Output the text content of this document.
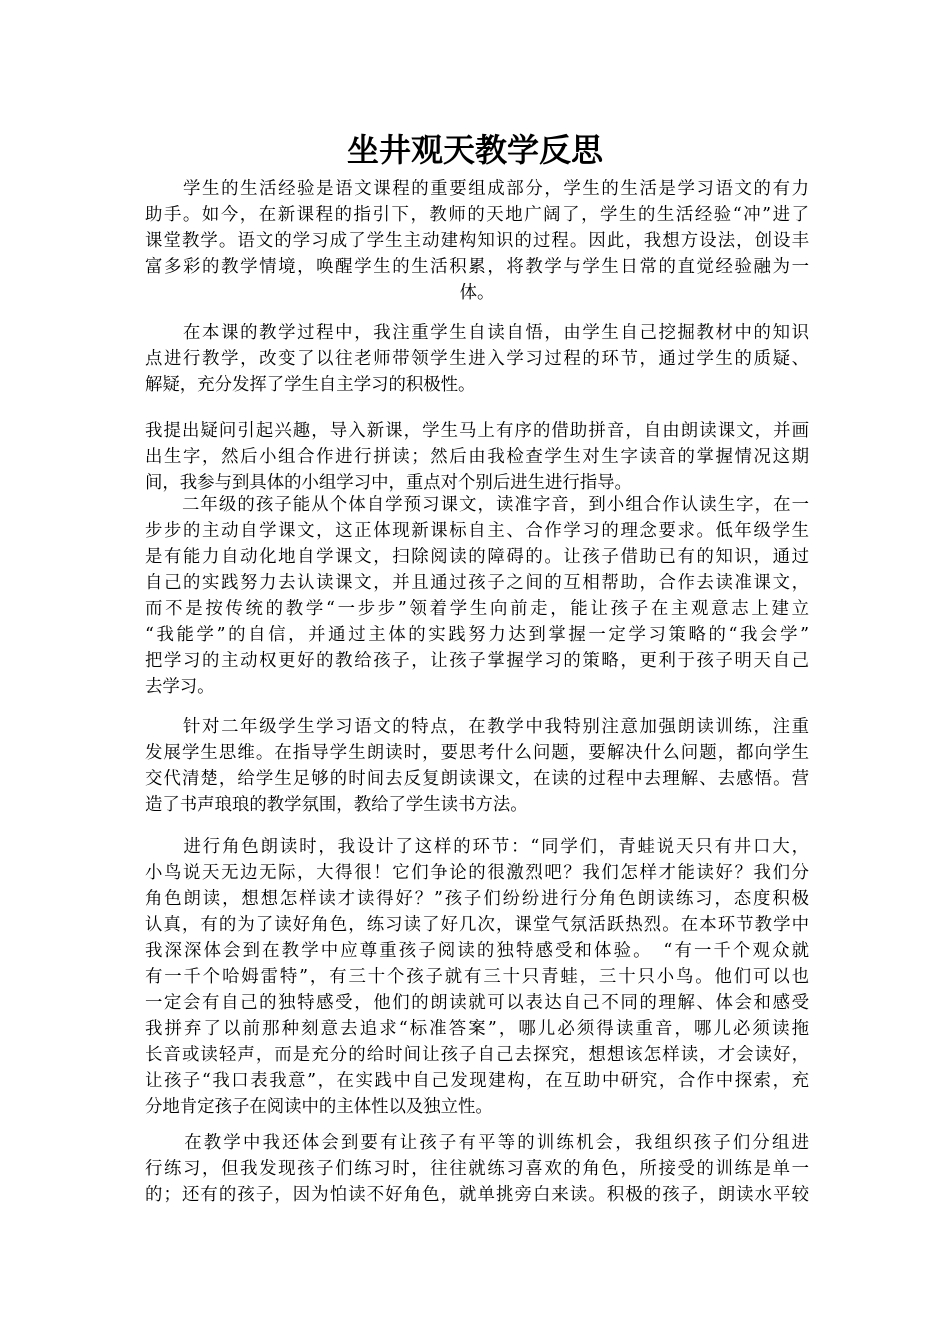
坐井观天教学反思

　　学生的生活经验是语文课程的重要组成部分，学生的生活是学习语文的有力
助手。如今，在新课程的指引下，教师的天地广阔了，学生的生活经验“冲”进了
课堂教学。语文的学习成了学生主动建构知识的过程。因此，我想方设法，创设丰
富多彩的教学情境，唤醒学生的生活积累，将教学与学生日常的直觉经验融为一
体。

　　在本课的教学过程中，我注重学生自读自悟，由学生自己挖掘教材中的知识
点进行教学，改变了以往老师带领学生进入学习过程的环节，通过学生的质疑、
解疑，充分发挥了学生自主学习的积极性。

我提出疑问引起兴趣，导入新课，学生马上有序的借助拼音，自由朗读课文，并画
出生字，然后小组合作进行拼读；然后由我检查学生对生字读音的掌握情况这期
间，我参与到具体的小组学习中，重点对个别后进生进行指导。

　　二年级的孩子能从个体自学预习课文，读准字音，到小组合作认读生字，在一
步步的主动自学课文，这正体现新课标自主、合作学习的理念要求。低年级学生
是有能力自动化地自学课文，扫除阅读的障碍的。让孩子借助已有的知识，通过
自己的实践努力去认读课文，并且通过孩子之间的互相帮助，合作去读准课文，
而不是按传统的教学“一步步”领着学生向前走，能让孩子在主观意志上建立
“我能学”的自信，并通过主体的实践努力达到掌握一定学习策略的“我会学”
把学习的主动权更好的教给孩子，让孩子掌握学习的策略，更利于孩子明天自己
去学习。

　　针对二年级学生学习语文的特点，在教学中我特别注意加强朗读训练，注重
发展学生思维。在指导学生朗读时，要思考什么问题，要解决什么问题，都向学生
交代清楚，给学生足够的时间去反复朗读课文，在读的过程中去理解、去感悟。营
造了书声琅琅的教学氛围，教给了学生读书方法。

　　进行角色朗读时，我设计了这样的环节：“同学们，青蛙说天只有井口大，
小鸟说天无边无际，大得很！它们争论的很激烈吧？我们怎样才能读好？我们分
角色朗读，想想怎样读才读得好？”孩子们纷纷进行分角色朗读练习，态度积极
认真，有的为了读好角色，练习读了好几次，课堂气氛活跃热烈。在本环节教学中
我深深体会到在教学中应尊重孩子阅读的独特感受和体验。　“有一千个观众就
有一千个哈姆雷特”，有三十个孩子就有三十只青蛙，三十只小鸟。他们可以也
一定会有自己的独特感受，他们的朗读就可以表达自己不同的理解、体会和感受
我拼弃了以前那种刻意去追求“标准答案”，哪儿必须得读重音，哪儿必须读拖
长音或读轻声，而是充分的给时间让孩子自己去探究，想想该怎样读，才会读好，
让孩子“我口表我意”，在实践中自己发现建构，在互助中研究，合作中探索，充
分地肯定孩子在阅读中的主体性以及独立性。

　　在教学中我还体会到要有让孩子有平等的训练机会，我组织孩子们分组进
行练习，但我发现孩子们练习时，往往就练习喜欢的角色，所接受的训练是单一
的；还有的孩子，因为怕读不好角色，就单挑旁白来读。积极的孩子，朗读水平较
